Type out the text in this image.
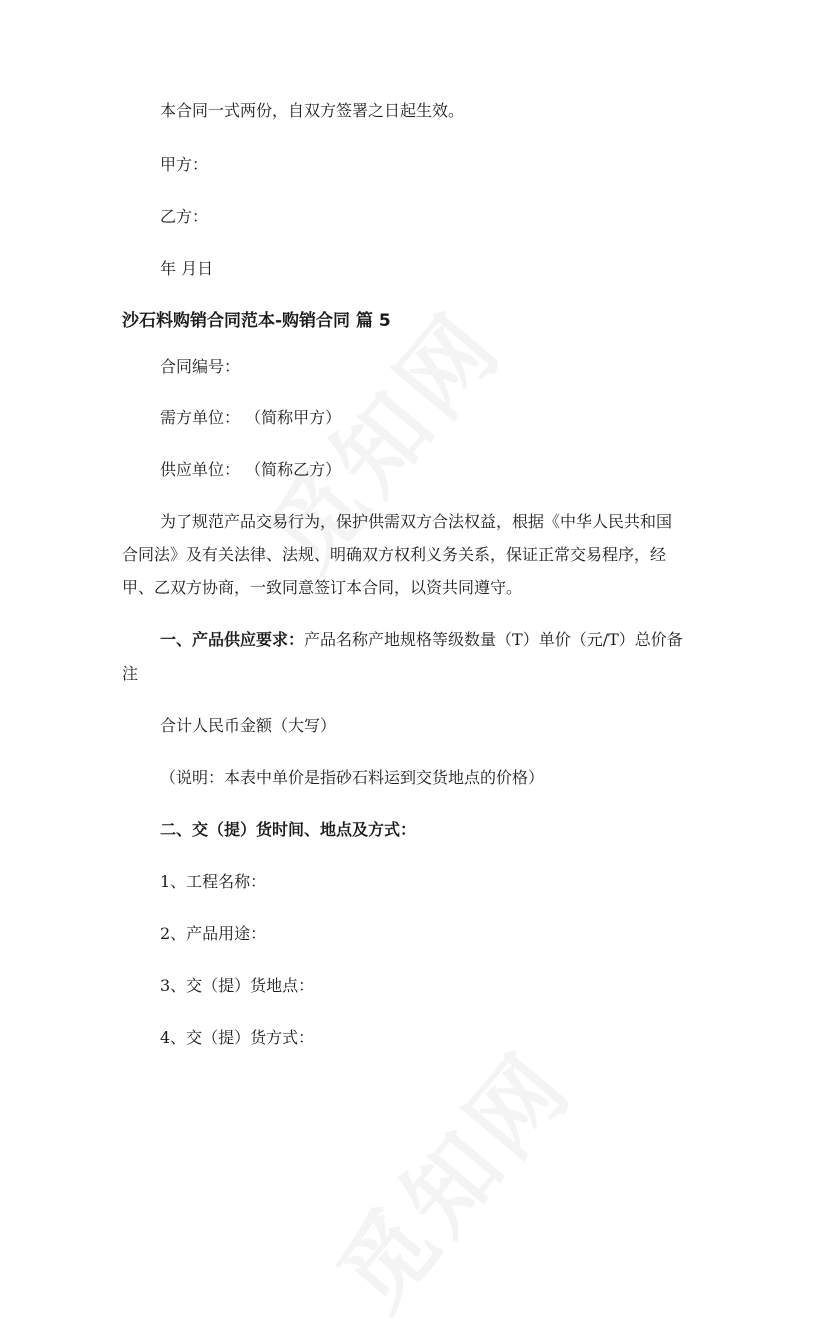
本合同一式两份，自双方签署之日起生效。
甲方：
乙方：
年 月日
沙石料购销合同范本-购销合同 篇 5
合同编号：
需方单位： （简称甲方）
供应单位： （简称乙方）
为了规范产品交易行为，保护供需双方合法权益，根据《中华人民共和国
合同法》及有关法律、法规、明确双方权利义务关系，保证正常交易程序，经
甲、乙双方协商，一致同意签订本合同，以资共同遵守。
一、产品供应要求：产品名称产地规格等级数量（T）单价（元/T）总价备
注
合计人民币金额（大写）
（说明：本表中单价是指砂石料运到交货地点的价格）
二、交（提）货时间、地点及方式：
1、工程名称：
2、产品用途：
3、交（提）货地点：
4、交（提）货方式：
